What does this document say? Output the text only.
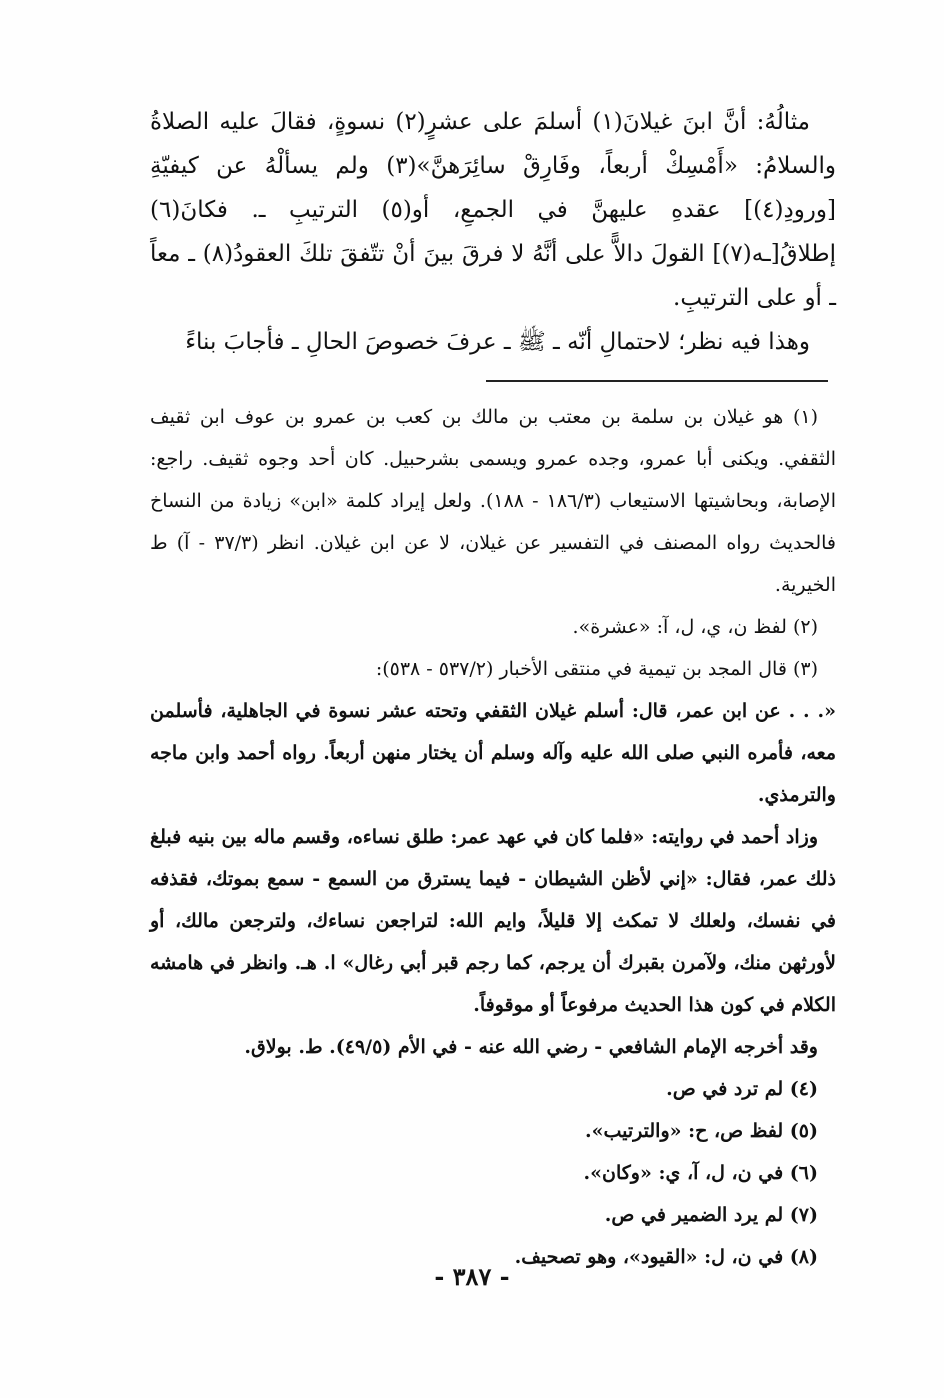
مثالُهُ: أنَّ ابنَ غيلانَ(١) أسلمَ على عشرٍ(٢) نسوةٍ، فقالَ عليه الصلاةُ والسلامُ: «أَمْسِكْ أربعاً، وفَارِقْ سائِرَهنَّ»(٣) ولم يسألْهُ عن كيفيّةِ [ورودِ(٤)] عقدهِ عليهنَّ في الجمعِ، أو(٥) الترتيبِ ـ. فكانَ(٦) إطلاقُ[ـه(٧)] القولَ دالاًّ على أنَّهُ لا فرقَ بينَ أنْ تتّفقَ تلكَ العقودُ(٨) ـ معاً ـ أو على الترتيبِ.

وهذا فيه نظر؛ لاحتمالِ أنّه ـ ﷺ ـ عرفَ خصوصَ الحالِ ـ فأجابَ بناءً

(١) هو غيلان بن سلمة بن معتب بن مالك بن كعب بن عمرو بن عوف ابن ثقيف الثقفي. ويكنى أبا عمرو، وجده عمرو ويسمى بشرحبيل. كان أحد وجوه ثقيف. راجع: الإصابة، وبحاشيتها الاستيعاب (١٨٦/٣ - ١٨٨). ولعل إيراد كلمة «ابن» زيادة من النساخ فالحديث رواه المصنف في التفسير عن غيلان، لا عن ابن غيلان. انظر (٣٧/٣ - آ) ط الخيرية.

(٢) لفظ ن، ي، ل، آ: «عشرة».

(٣) قال المجد بن تيمية في منتقى الأخبار (٥٣٧/٢ - ٥٣٨):

«. . . عن ابن عمر، قال: أسلم غيلان الثقفي وتحته عشر نسوة في الجاهلية، فأسلمن معه، فأمره النبي صلى الله عليه وآله وسلم أن يختار منهن أربعاً. رواه أحمد وابن ماجه والترمذي.

وزاد أحمد في روايته: «فلما كان في عهد عمر: طلق نساءه، وقسم ماله بين بنيه فبلغ ذلك عمر، فقال: «إني لأظن الشيطان - فيما يسترق من السمع - سمع بموتك، فقذفه في نفسك، ولعلك لا تمكث إلا قليلاً، وايم الله: لتراجعن نساءك، ولترجعن مالك، أو لأورثهن منك، ولآمرن بقبرك أن يرجم، كما رجم قبر أبي رغال» ا. هـ. وانظر في هامشه الكلام في كون هذا الحديث مرفوعاً أو موقوفاً.

وقد أخرجه الإمام الشافعي - رضي الله عنه - في الأم (٤٩/٥). ط. بولاق.

(٤) لم ترد في ص.

(٥) لفظ ص، ح: «والترتيب».

(٦) في ن، ل، آ، ي: «وكان».

(٧) لم يرد الضمير في ص.

(٨) في ن، ل: «القيود»، وهو تصحيف.

- ٣٨٧ -
